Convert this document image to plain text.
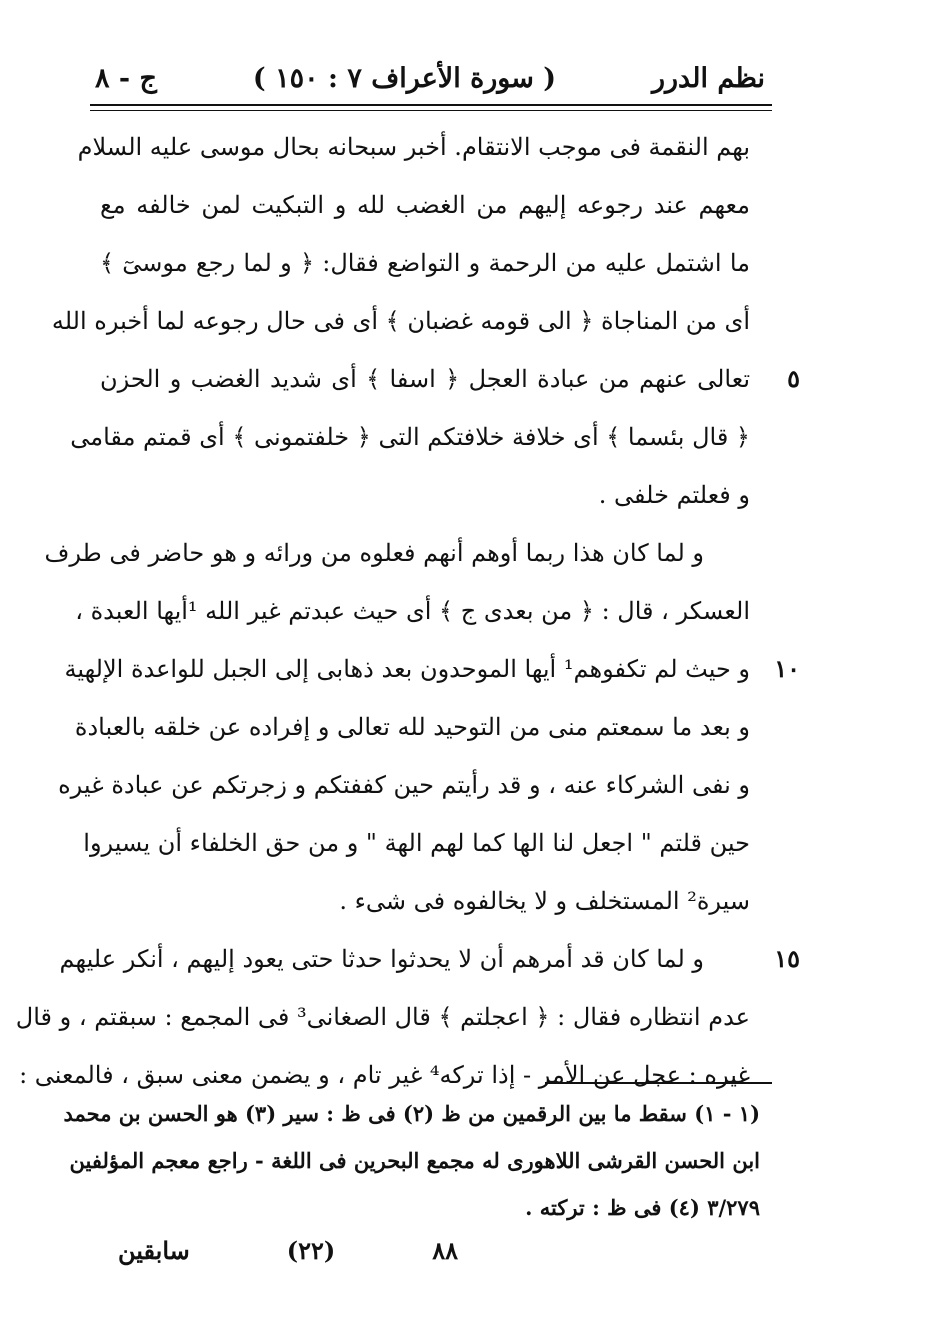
نظم الدرر
( سورة الأعراف ٧ : ١٥٠ )
ج - ٨
بهم النقمة فى موجب الانتقام. أخبر سبحانه بحال موسى عليه السلام
معهم عند رجوعه إليهم من الغضب لله و التبكيت لمن خالفه مع
ما اشتمل عليه من الرحمة و التواضع فقال: ﴿ و لما رجع موسىٓ ﴾
أى من المناجاة ﴿ الى قومه غضبان ﴾ أى فى حال رجوعه لما أخبره الله
تعالى عنهم من عبادة العجل ﴿ اسفا ﴾ أى شديد الغضب و الحزن
﴿ قال بئسما ﴾ أى خلافة خلافتكم التى ﴿ خلفتمونى ﴾ أى قمتم مقامى
و فعلتم خلفى .
و لما كان هذا ربما أوهم أنهم فعلوه من ورائه و هو حاضر فى طرف
العسكر ، قال : ﴿ من بعدى ج ﴾ أى حيث عبدتم غير الله ¹أيها العبدة ،
و حيث لم تكفوهم¹ أيها الموحدون بعد ذهابى إلى الجبل للواعدة الإلهية
و بعد ما سمعتم منى من التوحيد لله تعالى و إفراده عن خلقه بالعبادة
و نفى الشركاء عنه ، و قد رأيتم حين كففتكم و زجرتكم عن عبادة غيره
حين قلتم " اجعل لنا الها كما لهم الهة " و من حق الخلفاء أن يسيروا
سيرة² المستخلف و لا يخالفوه فى شىء .
و لما كان قد أمرهم أن لا يحدثوا حدثا حتى يعود إليهم ، أنكر عليهم
عدم انتظاره فقال : ﴿ اعجلتم ﴾ قال الصغانى³ فى المجمع : سبقتم ، و قال
غيره : عجل عن الأمر - إذا تركه⁴ غير تام ، و يضمن معنى سبق ، فالمعنى :
٥
١٠
١٥
(١ - ١) سقط ما بين الرقمين من ظ (٢) فى ظ : سير (٣) هو الحسن بن محمد
ابن الحسن القرشى اللاهورى له مجمع البحرين فى اللغة - راجع معجم المؤلفين
٣/٢٧٩ (٤) فى ظ : تركته .
٨٨
(٢٢)
سابقين
